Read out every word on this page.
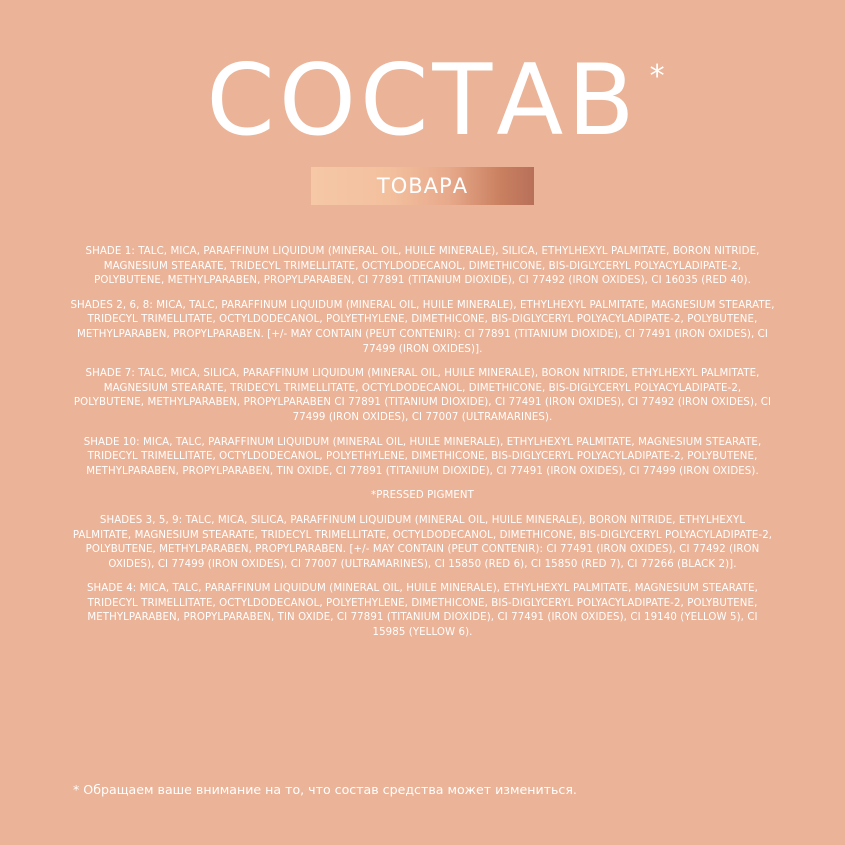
СОСТАВ *
ТОВАРА

SHADE 1: TALC, MICA, PARAFFINUM LIQUIDUM (MINERAL OIL, HUILE MINERALE), SILICA, ETHYLHEXYL PALMITATE, BORON NITRIDE, MAGNESIUM STEARATE, TRIDECYL TRIMELLITATE, OCTYLDODECANOL, DIMETHICONE, BIS-DIGLYCERYL POLYACYLADIPATE-2, POLYBUTENE, METHYLPARABEN, PROPYLPARABEN, CI 77891 (TITANIUM DIOXIDE), CI 77492 (IRON OXIDES), CI 16035 (RED 40).

SHADES 2, 6, 8: MICA, TALC, PARAFFINUM LIQUIDUM (MINERAL OIL, HUILE MINERALE), ETHYLHEXYL PALMITATE, MAGNESIUM STEARATE, TRIDECYL TRIMELLITATE, OCTYLDODECANOL, POLYETHYLENE, DIMETHICONE, BIS-DIGLYCERYL POLYACYLADIPATE-2, POLYBUTENE, METHYLPARABEN, PROPYLPARABEN. [+/- MAY CONTAIN (PEUT CONTENIR): CI 77891 (TITANIUM DIOXIDE), CI 77491 (IRON OXIDES), CI 77499 (IRON OXIDES)].

SHADE 7: TALC, MICA, SILICA, PARAFFINUM LIQUIDUM (MINERAL OIL, HUILE MINERALE), BORON NITRIDE, ETHYLHEXYL PALMITATE, MAGNESIUM STEARATE, TRIDECYL TRIMELLITATE, OCTYLDODECANOL, DIMETHICONE, BIS-DIGLYCERYL POLYACYLADIPATE-2, POLYBUTENE, METHYLPARABEN, PROPYLPARABEN CI 77891 (TITANIUM DIOXIDE), CI 77491 (IRON OXIDES), CI 77492 (IRON OXIDES), CI 77499 (IRON OXIDES), CI 77007 (ULTRAMARINES).

SHADE 10: MICA, TALC, PARAFFINUM LIQUIDUM (MINERAL OIL, HUILE MINERALE), ETHYLHEXYL PALMITATE, MAGNESIUM STEARATE, TRIDECYL TRIMELLITATE, OCTYLDODECANOL, POLYETHYLENE, DIMETHICONE, BIS-DIGLYCERYL POLYACYLADIPATE-2, POLYBUTENE, METHYLPARABEN, PROPYLPARABEN, TIN OXIDE, CI 77891 (TITANIUM DIOXIDE), CI 77491 (IRON OXIDES), CI 77499 (IRON OXIDES).

*PRESSED PIGMENT

SHADES 3, 5, 9: TALC, MICA, SILICA, PARAFFINUM LIQUIDUM (MINERAL OIL, HUILE MINERALE), BORON NITRIDE, ETHYLHEXYL PALMITATE, MAGNESIUM STEARATE, TRIDECYL TRIMELLITATE, OCTYLDODECANOL, DIMETHICONE, BIS-DIGLYCERYL POLYACYLADIPATE-2, POLYBUTENE, METHYLPARABEN, PROPYLPARABEN. [+/- MAY CONTAIN (PEUT CONTENIR): CI 77491 (IRON OXIDES), CI 77492 (IRON OXIDES), CI 77499 (IRON OXIDES), CI 77007 (ULTRAMARINES), CI 15850 (RED 6), CI 15850 (RED 7), CI 77266 (BLACK 2)].

SHADE 4: MICA, TALC, PARAFFINUM LIQUIDUM (MINERAL OIL, HUILE MINERALE), ETHYLHEXYL PALMITATE, MAGNESIUM STEARATE, TRIDECYL TRIMELLITATE, OCTYLDODECANOL, POLYETHYLENE, DIMETHICONE, BIS-DIGLYCERYL POLYACYLADIPATE-2, POLYBUTENE, METHYLPARABEN, PROPYLPARABEN, TIN OXIDE, CI 77891 (TITANIUM DIOXIDE), CI 77491 (IRON OXIDES), CI 19140 (YELLOW 5), CI 15985 (YELLOW 6).

* Обращаем ваше внимание на то, что состав средства может измениться.
